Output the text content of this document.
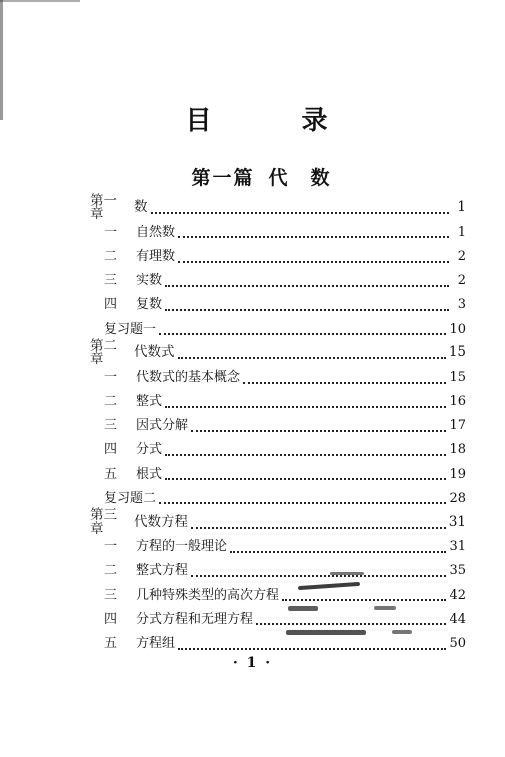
目　录
第一篇 代　数
第一章	数	1
一	自然数	1
二	有理数	2
三	实数	2
四	复数	3
复习题一	10
第二章	代数式	15
一	代数式的基本概念	15
二	整式	16
三	因式分解	17
四	分式	18
五	根式	19
复习题二	28
第三章	代数方程	31
一	方程的一般理论	31
二	整式方程	35
三	几种特殊类型的高次方程	42
四	分式方程和无理方程	44
五	方程组	50
· 1 ·
